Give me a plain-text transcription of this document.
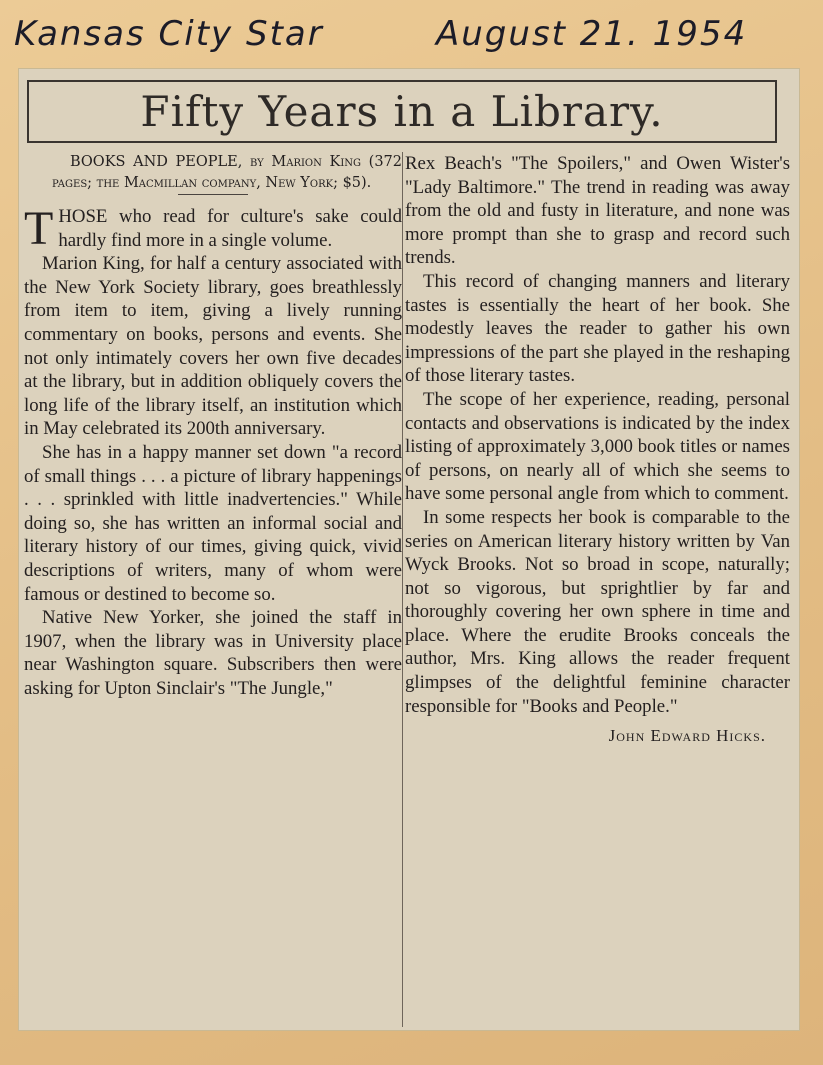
Kansas City Star	August 21. 1954
Fifty Years in a Library.

BOOKS AND PEOPLE, by Marion King (372 pages; the Macmillan company, New York; $5).

THOSE who read for culture's sake could hardly find more in a single volume.

Marion King, for half a century associated with the New York Society library, goes breathlessly from item to item, giving a lively running commentary on books, persons and events. She not only intimately covers her own five decades at the library, but in addition obliquely covers the long life of the library itself, an institution which in May celebrated its 200th anniversary.

She has in a happy manner set down "a record of small things . . . a picture of library happenings . . . sprinkled with little inadvertencies." While doing so, she has written an informal social and literary history of our times, giving quick, vivid descriptions of writers, many of whom were famous or destined to become so.

Native New Yorker, she joined the staff in 1907, when the library was in University place near Washington square. Subscribers then were asking for Upton Sinclair's "The Jungle,"

Rex Beach's "The Spoilers," and Owen Wister's "Lady Baltimore." The trend in reading was away from the old and fusty in literature, and none was more prompt than she to grasp and record such trends.

This record of changing manners and literary tastes is essentially the heart of her book. She modestly leaves the reader to gather his own impressions of the part she played in the reshaping of those literary tastes.

The scope of her experience, reading, personal contacts and observations is indicated by the index listing of approximately 3,000 book titles or names of persons, on nearly all of which she seems to have some personal angle from which to comment.

In some respects her book is comparable to the series on American literary history written by Van Wyck Brooks. Not so broad in scope, naturally; not so vigorous, but sprightlier by far and thoroughly covering her own sphere in time and place. Where the erudite Brooks conceals the author, Mrs. King allows the reader frequent glimpses of the delightful feminine character responsible for "Books and People."

John Edward Hicks.
